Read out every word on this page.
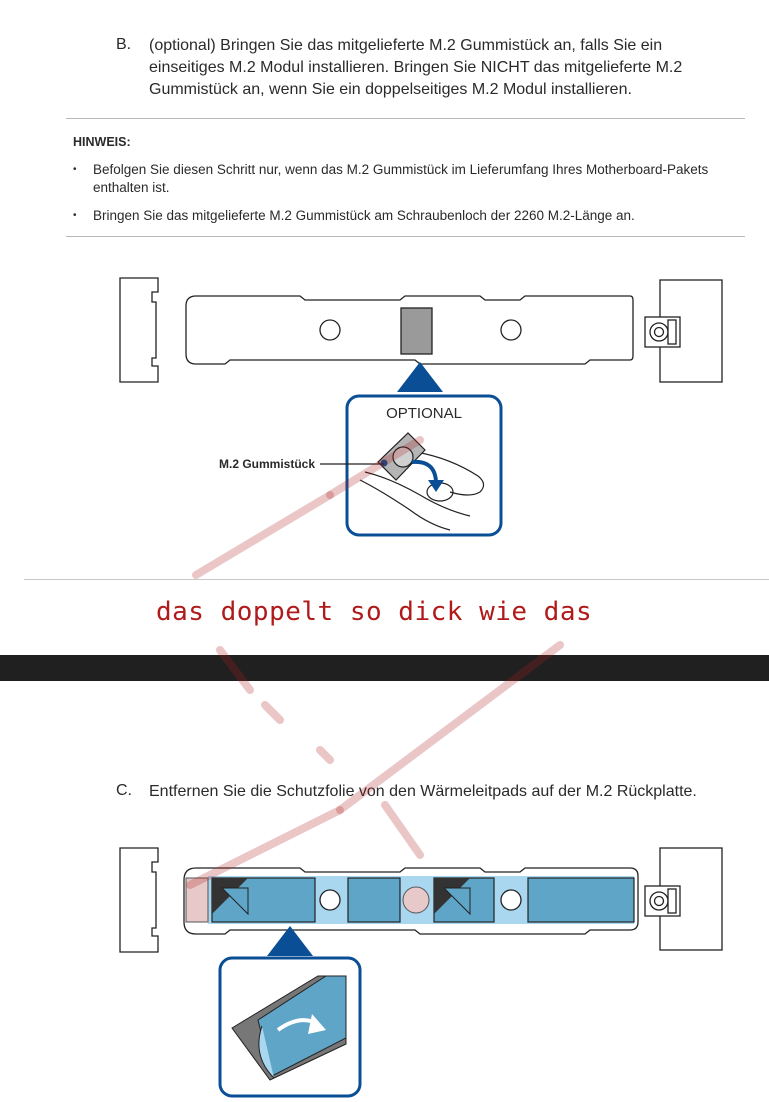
B. (optional) Bringen Sie das mitgelieferte M.2 Gummistück an, falls Sie ein
einseitiges M.2 Modul installieren. Bringen Sie NICHT das mitgelieferte M.2
Gummistück an, wenn Sie ein doppelseitiges M.2 Modul installieren.
HINWEIS:
• Befolgen Sie diesen Schritt nur, wenn das M.2 Gummistück im Lieferumfang Ihres Motherboard-Pakets
enthalten ist.
• Bringen Sie das mitgelieferte M.2 Gummistück am Schraubenloch der 2260 M.2-Länge an.
OPTIONAL
M.2 Gummistück
das doppelt so dick wie das
C. Entfernen Sie die Schutzfolie von den Wärmeleitpads auf der M.2 Rückplatte.
